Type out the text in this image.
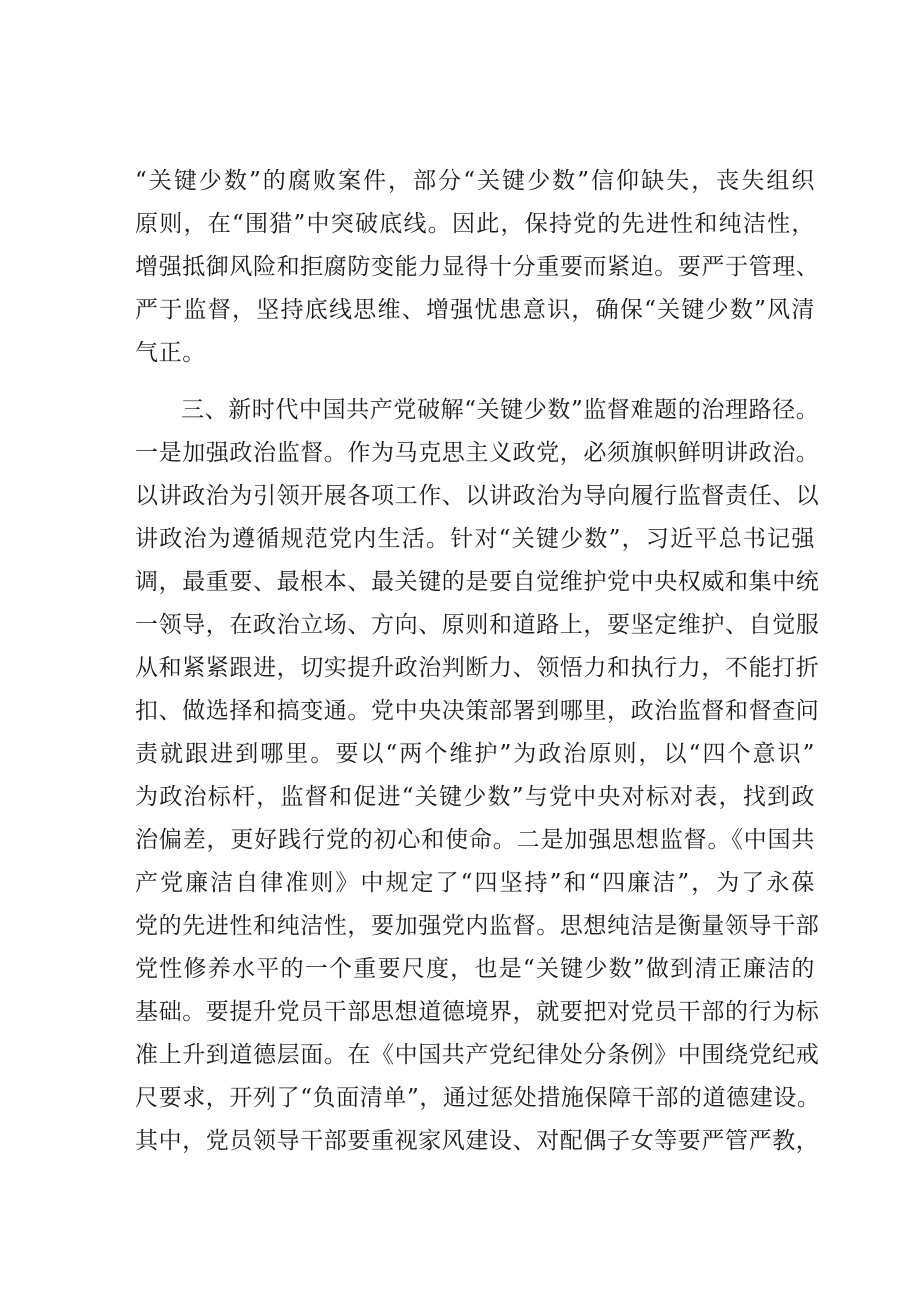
“关键少数”的腐败案件，部分“关键少数”信仰缺失，丧失组织
原则，在“围猎”中突破底线。因此，保持党的先进性和纯洁性，
增强抵御风险和拒腐防变能力显得十分重要而紧迫。要严于管理、
严于监督，坚持底线思维、增强忧患意识，确保“关键少数”风清
气正。
三、新时代中国共产党破解“关键少数”监督难题的治理路径。
一是加强政治监督。作为马克思主义政党，必须旗帜鲜明讲政治。
以讲政治为引领开展各项工作、以讲政治为导向履行监督责任、以
讲政治为遵循规范党内生活。针对“关键少数”，习近平总书记强
调，最重要、最根本、最关键的是要自觉维护党中央权威和集中统
一领导，在政治立场、方向、原则和道路上，要坚定维护、自觉服
从和紧紧跟进，切实提升政治判断力、领悟力和执行力，不能打折
扣、做选择和搞变通。党中央决策部署到哪里，政治监督和督查问
责就跟进到哪里。要以“两个维护”为政治原则，以“四个意识”
为政治标杆，监督和促进“关键少数”与党中央对标对表，找到政
治偏差，更好践行党的初心和使命。二是加强思想监督。《中国共
产党廉洁自律准则》中规定了“四坚持”和“四廉洁”，为了永葆
党的先进性和纯洁性，要加强党内监督。思想纯洁是衡量领导干部
党性修养水平的一个重要尺度，也是“关键少数”做到清正廉洁的
基础。要提升党员干部思想道德境界，就要把对党员干部的行为标
准上升到道德层面。在《中国共产党纪律处分条例》中围绕党纪戒
尺要求，开列了“负面清单”，通过惩处措施保障干部的道德建设。
其中，党员领导干部要重视家风建设、对配偶子女等要严管严教，
